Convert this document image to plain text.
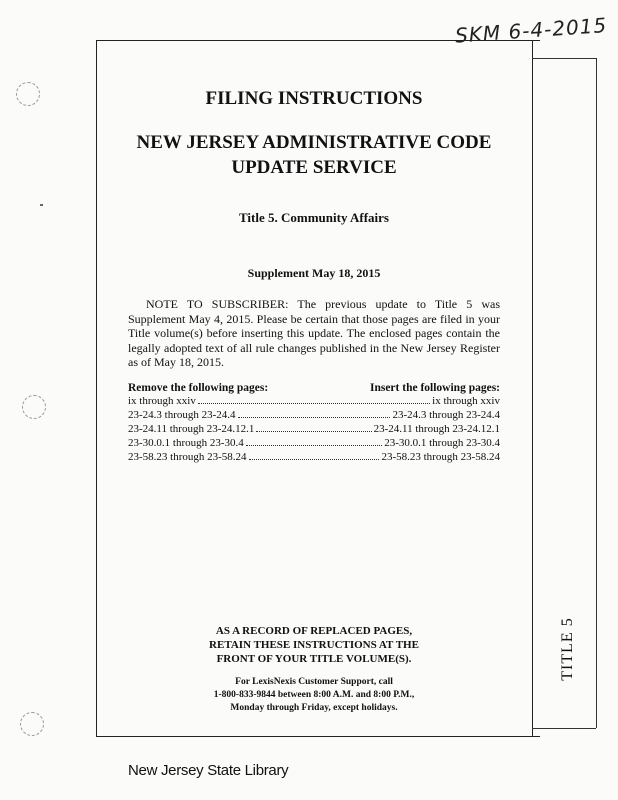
SKM 6-4-2015
TITLE 5
FILING INSTRUCTIONS
NEW JERSEY ADMINISTRATIVE CODE
UPDATE SERVICE
Title 5. Community Affairs
Supplement May 18, 2015
NOTE TO SUBSCRIBER: The previous update to Title 5 was Supplement May 4, 2015. Please be certain that those pages are filed in your Title volume(s) before inserting this update. The enclosed pages contain the legally adopted text of all rule changes published in the New Jersey Register as of May 18, 2015.
Remove the following pages:	Insert the following pages:
ix through xxiv	ix through xxiv
23-24.3 through 23-24.4	23-24.3 through 23-24.4
23-24.11 through 23-24.12.1	23-24.11 through 23-24.12.1
23-30.0.1 through 23-30.4	23-30.0.1 through 23-30.4
23-58.23 through 23-58.24	23-58.23 through 23-58.24
AS A RECORD OF REPLACED PAGES,
RETAIN THESE INSTRUCTIONS AT THE
FRONT OF YOUR TITLE VOLUME(S).
For LexisNexis Customer Support, call
1-800-833-9844 between 8:00 A.M. and 8:00 P.M.,
Monday through Friday, except holidays.
New Jersey State Library
